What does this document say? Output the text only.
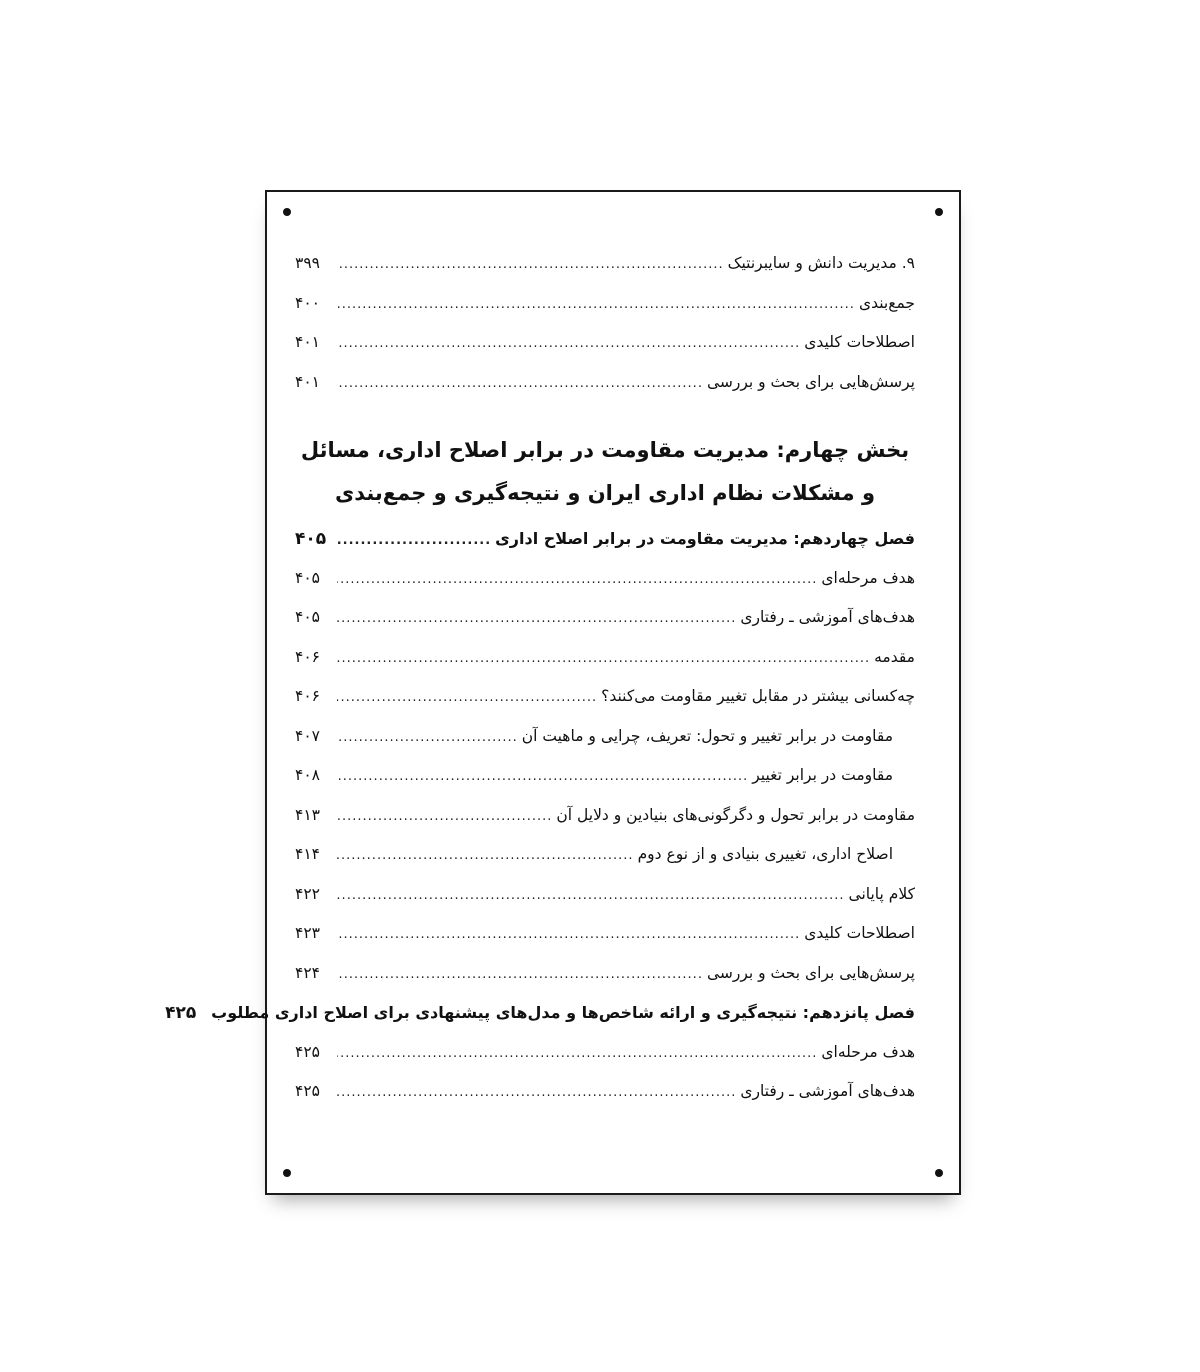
۹. مدیریت دانش و سایبرنتیک
.....
۳۹۹
جمع‌بندی
.....
۴۰۰
اصطلاحات کلیدی
.....
۴۰۱
پرسش‌هایی برای بحث و بررسی
.....
۴۰۱
بخش چهارم: مدیریت مقاومت در برابر اصلاح اداری، مسائل
و مشکلات نظام اداری ایران و نتیجه‌گیری و جمع‌بندی
فصل چهاردهم: مدیریت مقاومت در برابر اصلاح اداری
.....
۴۰۵
هدف مرحله‌ای
.....
۴۰۵
هدف‌های آموزشی ـ رفتاری
.....
۴۰۵
مقدمه
.....
۴۰۶
چه‌کسانی بیشتر در مقابل تغییر مقاومت می‌کنند؟
.....
۴۰۶
مقاومت در برابر تغییر و تحول: تعریف، چرایی و ماهیت آن
.....
۴۰۷
مقاومت در برابر تغییر
.....
۴۰۸
مقاومت در برابر تحول و دگرگونی‌های بنیادین و دلایل آن
.....
۴۱۳
اصلاح اداری، تغییری بنیادی و از نوع دوم
.....
۴۱۴
کلام پایانی
.....
۴۲۲
اصطلاحات کلیدی
.....
۴۲۳
پرسش‌هایی برای بحث و بررسی
.....
۴۲۴
فصل پانزدهم: نتیجه‌گیری و ارائه شاخص‌ها و مدل‌های پیشنهادی برای اصلاح اداری مطلوب
۴۲۵
هدف مرحله‌ای
.....
۴۲۵
هدف‌های آموزشی ـ رفتاری
.....
۴۲۵
